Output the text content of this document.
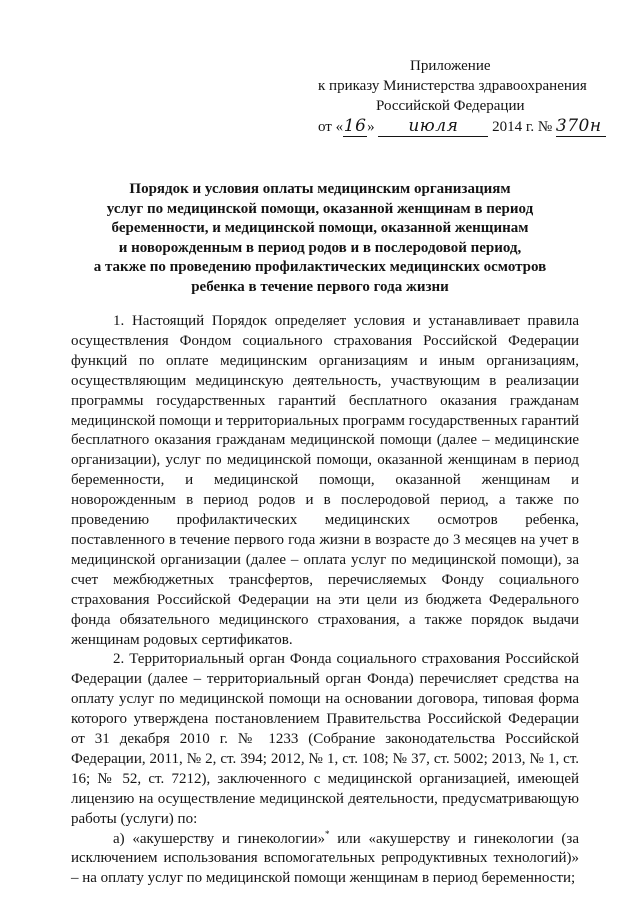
Приложение
к приказу Министерства здравоохранения
Российской Федерации
от «16» июля 2014 г. № 370н
Порядок и условия оплаты медицинским организациям
услуг по медицинской помощи, оказанной женщинам в период
беременности, и медицинской помощи, оказанной женщинам
и новорожденным в период родов и в послеродовой период,
а также по проведению профилактических медицинских осмотров
ребенка в течение первого года жизни

1. Настоящий Порядок определяет условия и устанавливает правила осуществления Фондом социального страхования Российской Федерации функций по оплате медицинским организациям и иным организациям, осуществляющим медицинскую деятельность, участвующим в реализации программы государственных гарантий бесплатного оказания гражданам медицинской помощи и территориальных программ государственных гарантий бесплатного оказания гражданам медицинской помощи (далее – медицинские организации), услуг по медицинской помощи, оказанной женщинам в период беременности, и медицинской помощи, оказанной женщинам и новорожденным в период родов и в послеродовой период, а также по проведению профилактических медицинских осмотров ребенка, поставленного в течение первого года жизни в возрасте до 3 месяцев на учет в медицинской организации (далее – оплата услуг по медицинской помощи), за счет межбюджетных трансфертов, перечисляемых Фонду социального страхования Российской Федерации на эти цели из бюджета Федерального фонда обязательного медицинского страхования, а также порядок выдачи женщинам родовых сертификатов.

2. Территориальный орган Фонда социального страхования Российской Федерации (далее – территориальный орган Фонда) перечисляет средства на оплату услуг по медицинской помощи на основании договора, типовая форма которого утверждена постановлением Правительства Российской Федерации от 31 декабря 2010 г. № 1233 (Собрание законодательства Российской Федерации, 2011, № 2, ст. 394; 2012, № 1, ст. 108; № 37, ст. 5002; 2013, № 1, ст. 16; № 52, ст. 7212), заключенного с медицинской организацией, имеющей лицензию на осуществление медицинской деятельности, предусматривающую работы (услуги) по:

а) «акушерству и гинекологии»* или «акушерству и гинекологии (за исключением использования вспомогательных репродуктивных технологий)» – на оплату услуг по медицинской помощи женщинам в период беременности;
